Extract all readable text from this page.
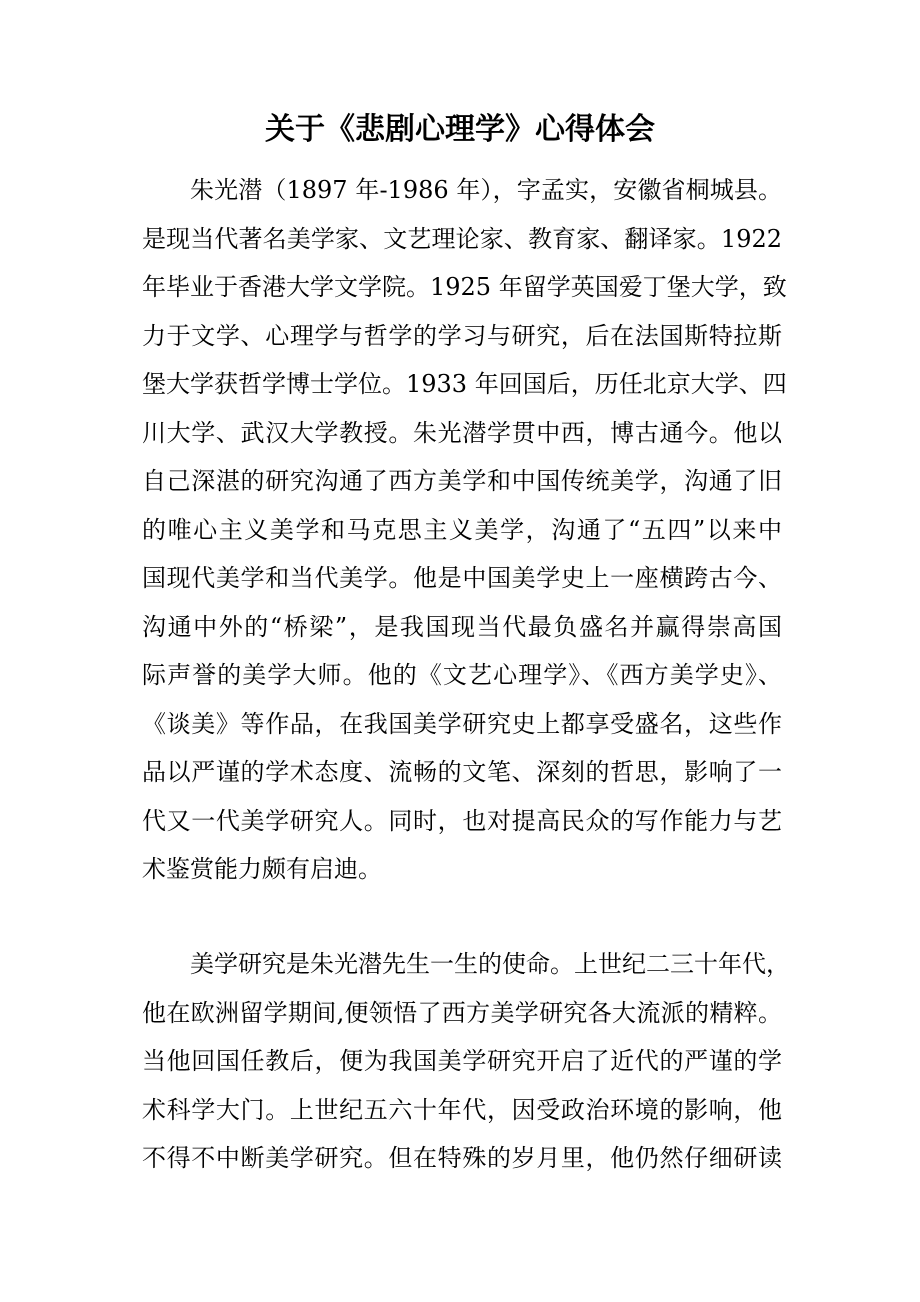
关于《悲剧心理学》心得体会
朱光潜（1897 年-1986 年），字孟实，安徽省桐城县。
是现当代著名美学家、文艺理论家、教育家、翻译家。1922
年毕业于香港大学文学院。1925 年留学英国爱丁堡大学，致
力于文学、心理学与哲学的学习与研究，后在法国斯特拉斯
堡大学获哲学博士学位。1933 年回国后，历任北京大学、四
川大学、武汉大学教授。朱光潜学贯中西，博古通今。他以
自己深湛的研究沟通了西方美学和中国传统美学，沟通了旧
的唯心主义美学和马克思主义美学，沟通了“五四”以来中
国现代美学和当代美学。他是中国美学史上一座横跨古今、
沟通中外的“桥梁”，是我国现当代最负盛名并赢得崇高国
际声誉的美学大师。他的《文艺心理学》、《西方美学史》、
《谈美》等作品，在我国美学研究史上都享受盛名，这些作
品以严谨的学术态度、流畅的文笔、深刻的哲思，影响了一
代又一代美学研究人。同时，也对提高民众的写作能力与艺
术鉴赏能力颇有启迪。
美学研究是朱光潜先生一生的使命。上世纪二三十年代，
他在欧洲留学期间,便领悟了西方美学研究各大流派的精粹。
当他回国任教后，便为我国美学研究开启了近代的严谨的学
术科学大门。上世纪五六十年代，因受政治环境的影响，他
不得不中断美学研究。但在特殊的岁月里，他仍然仔细研读
